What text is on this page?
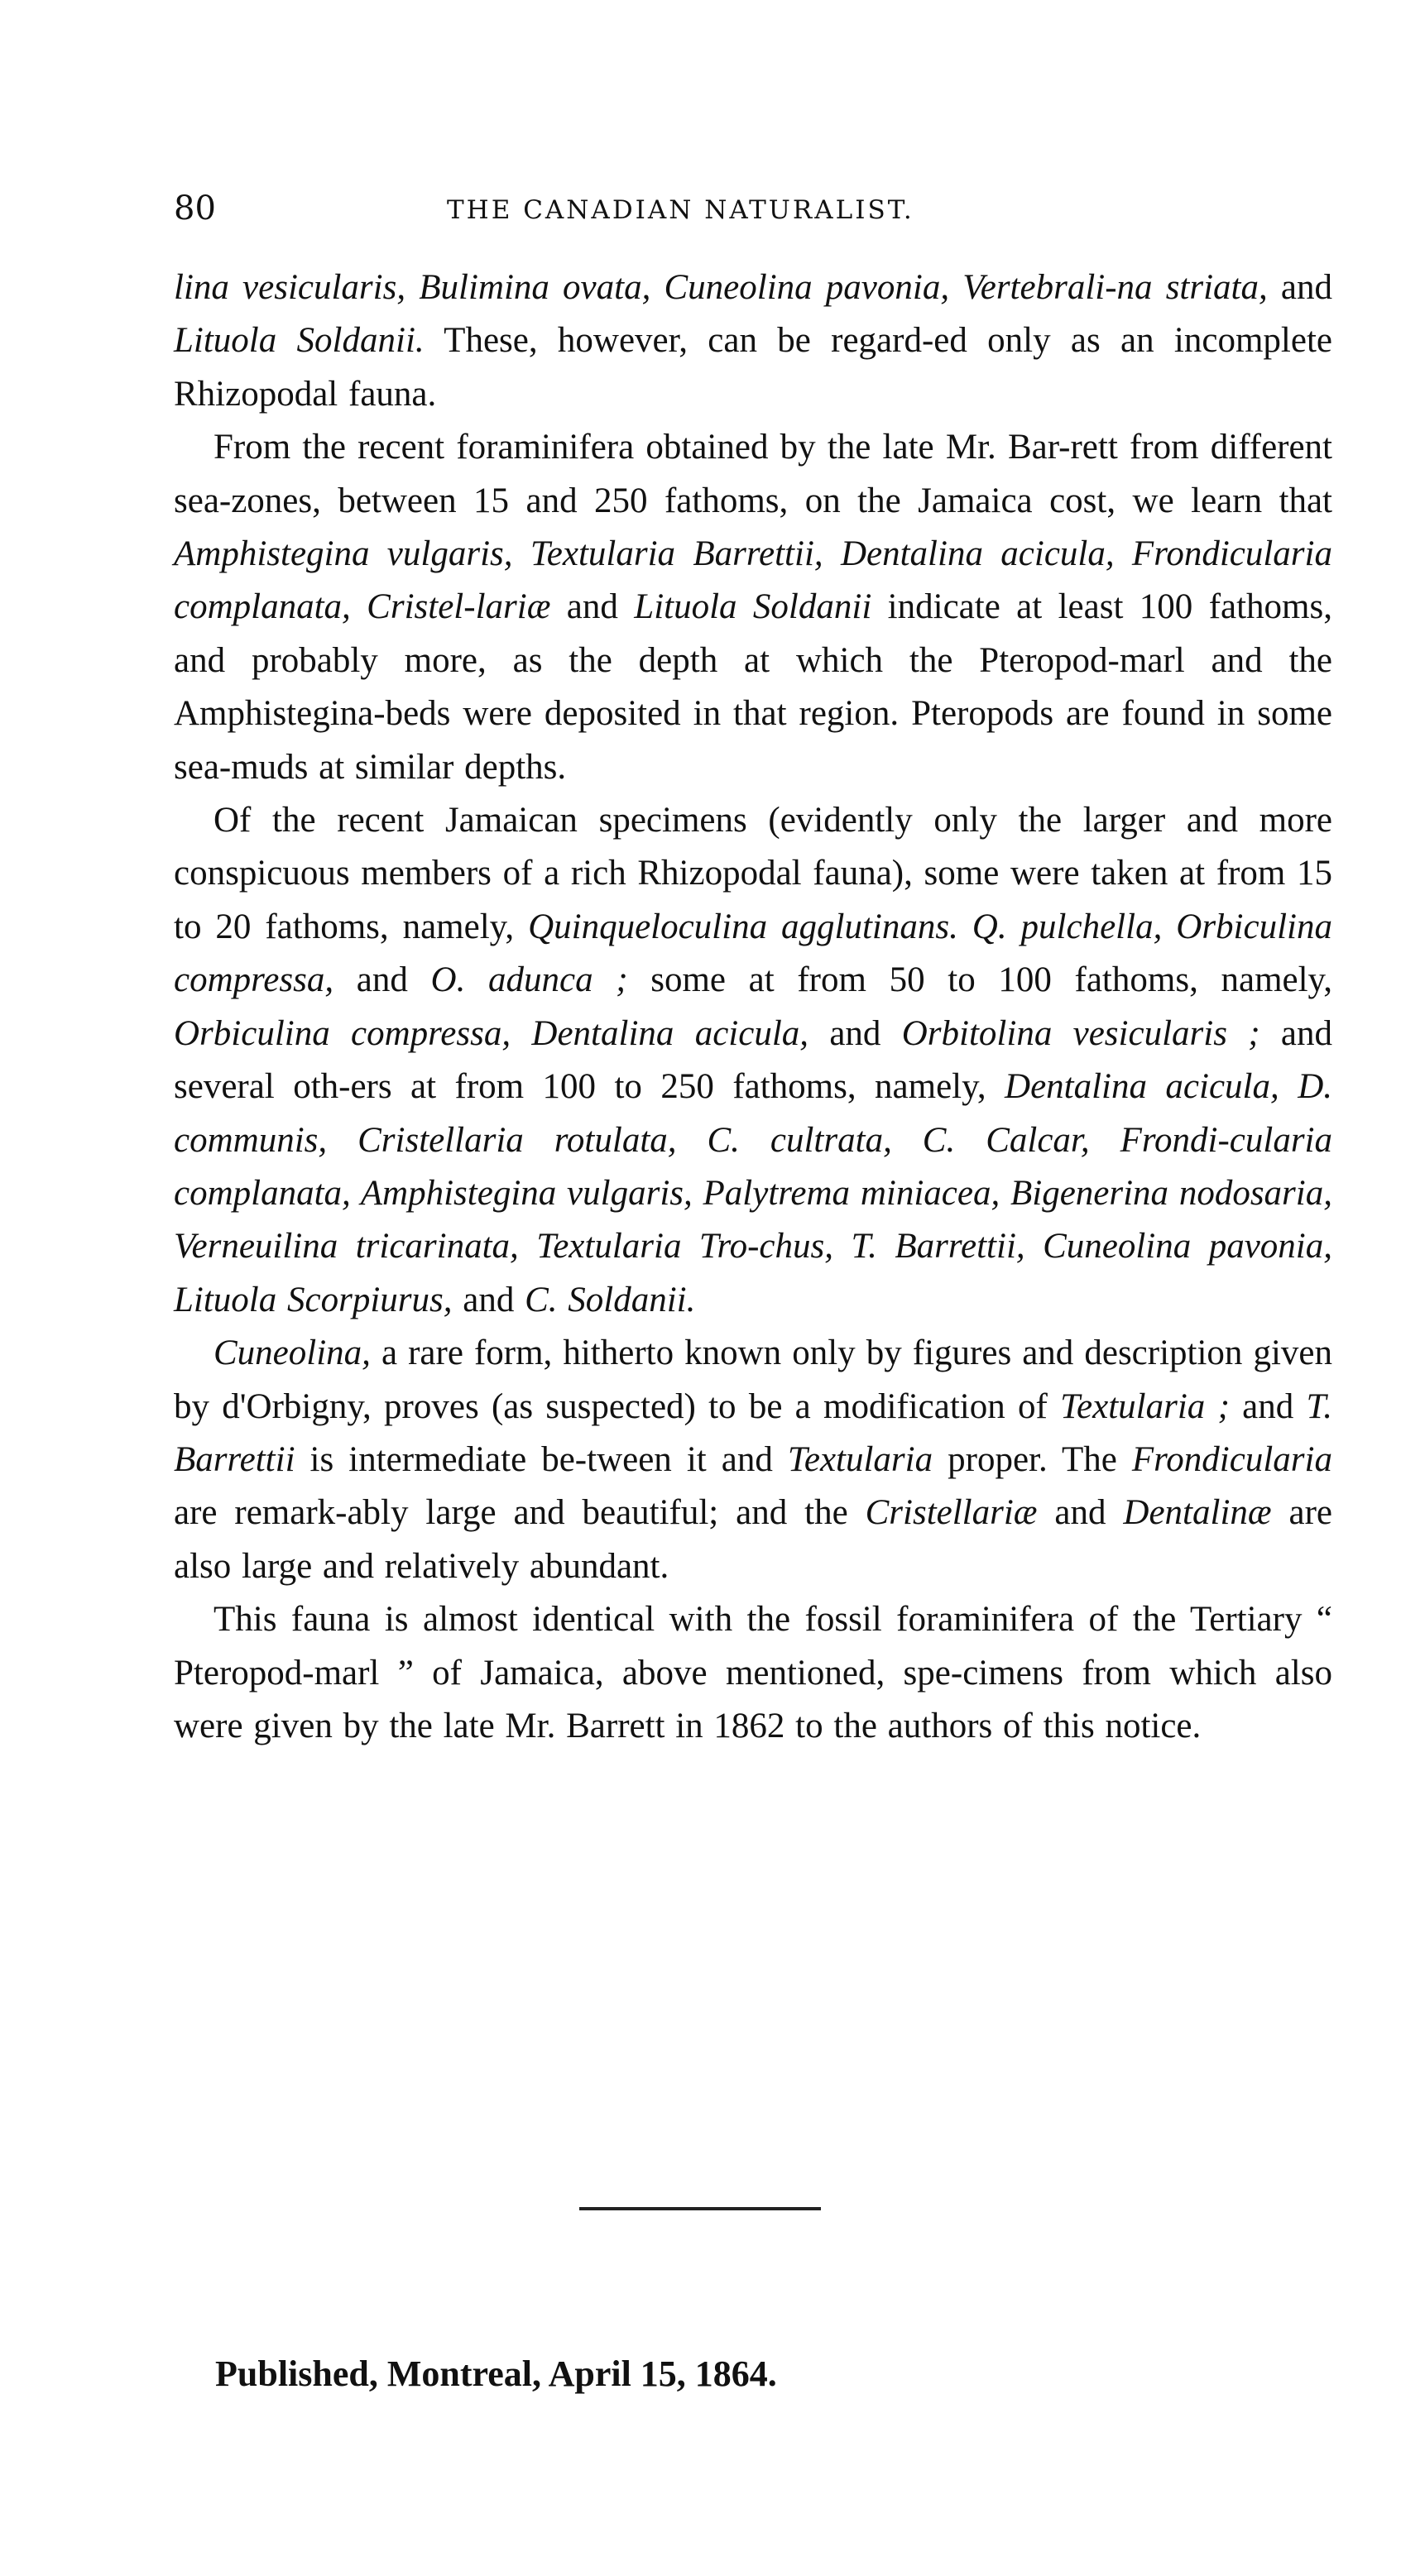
80	THE CANADIAN NATURALIST.

lina vesicularis, Bulimina ovata, Cuneolina pavonia, Vertebrali-na striata, and Lituola Soldanii. These, however, can be regard-ed only as an incomplete Rhizopodal fauna.

From the recent foraminifera obtained by the late Mr. Bar-rett from different sea-zones, between 15 and 250 fathoms, on the Jamaica cost, we learn that Amphistegina vulgaris, Textularia Barrettii, Dentalina acicula, Frondicularia complanata, Cristel-lariæ and Lituola Soldanii indicate at least 100 fathoms, and probably more, as the depth at which the Pteropod-marl and the Amphistegina-beds were deposited in that region. Pteropods are found in some sea-muds at similar depths.

Of the recent Jamaican specimens (evidently only the larger and more conspicuous members of a rich Rhizopodal fauna), some were taken at from 15 to 20 fathoms, namely, Quinqueloculina agglutinans. Q. pulchella, Orbiculina compressa, and O. adunca ; some at from 50 to 100 fathoms, namely, Orbiculina compressa, Dentalina acicula, and Orbitolina vesicularis ; and several oth-ers at from 100 to 250 fathoms, namely, Dentalina acicula, D. communis, Cristellaria rotulata, C. cultrata, C. Calcar, Frondi-cularia complanata, Amphistegina vulgaris, Palytrema miniacea, Bigenerina nodosaria, Verneuilina tricarinata, Textularia Tro-chus, T. Barrettii, Cuneolina pavonia, Lituola Scorpiurus, and C. Soldanii.

Cuneolina, a rare form, hitherto known only by figures and description given by d'Orbigny, proves (as suspected) to be a modification of Textularia ; and T. Barrettii is intermediate be-tween it and Textularia proper. The Frondicularia are remark-ably large and beautiful; and the Cristellariæ and Dentalinæ are also large and relatively abundant.

This fauna is almost identical with the fossil foraminifera of the Tertiary “ Pteropod-marl ” of Jamaica, above mentioned, spe-cimens from which also were given by the late Mr. Barrett in 1862 to the authors of this notice.

Published, Montreal, April 15, 1864.
